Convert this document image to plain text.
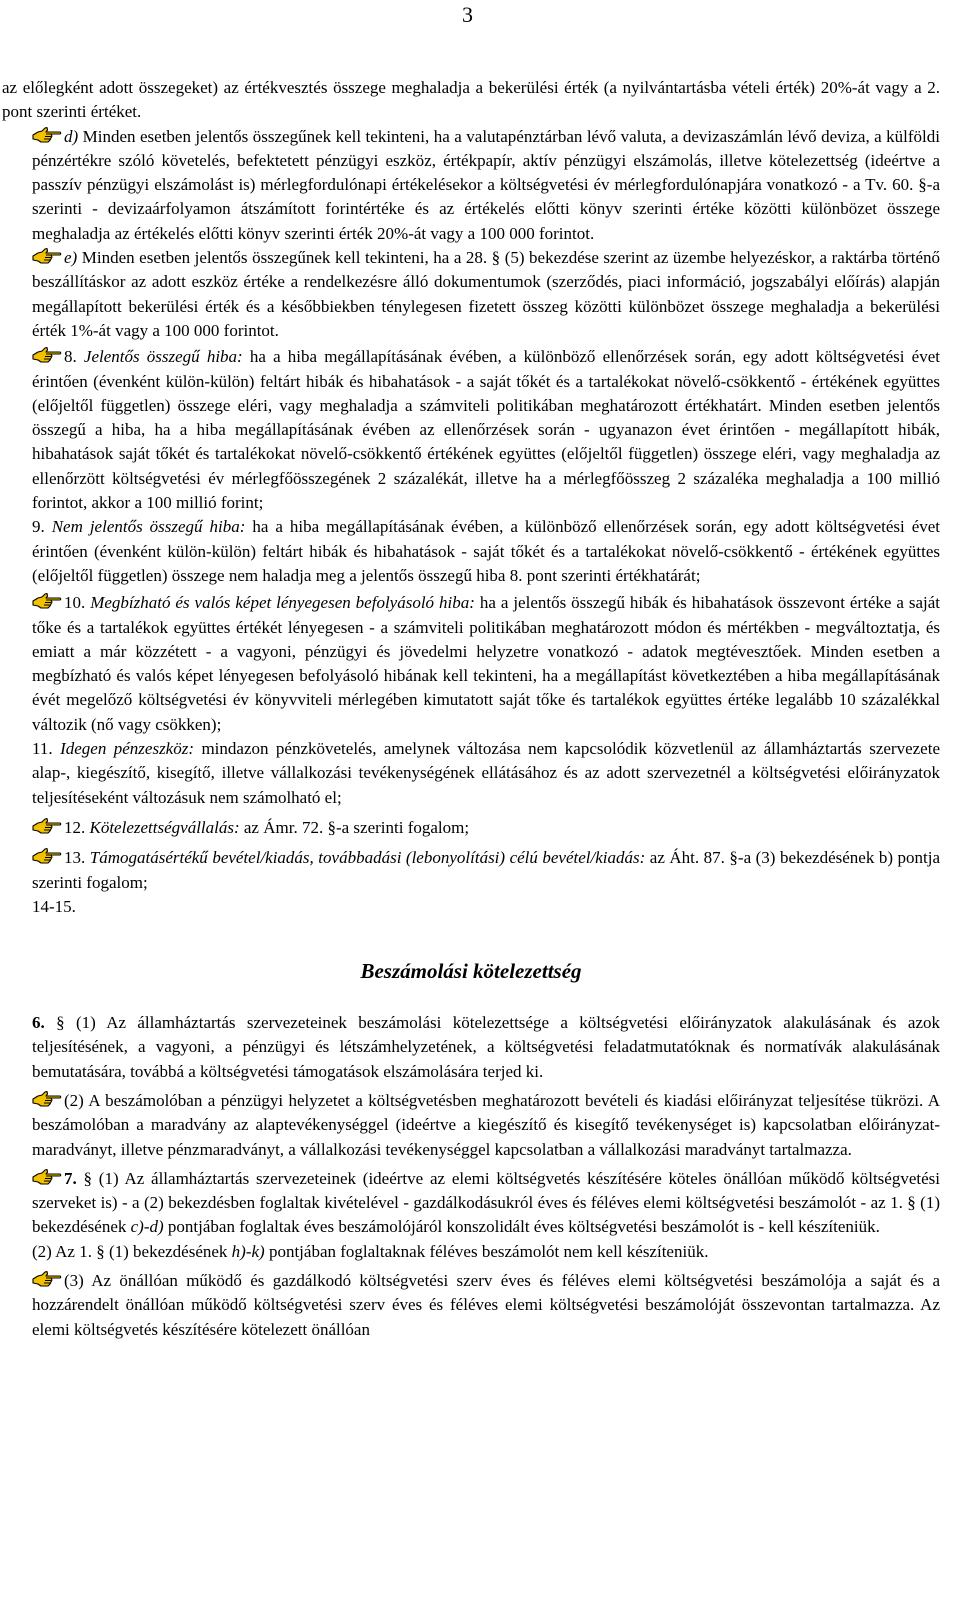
3

az előlegként adott összegeket) az értékvesztés összege meghaladja a bekerülési érték (a nyilvántartásba vételi érték) 20%-át vagy a 2. pont szerinti értéket.

d) Minden esetben jelentős összegűnek kell tekinteni, ha a valutapénztárban lévő valuta, a devizaszámlán lévő deviza, a külföldi pénzértékre szóló követelés, befektetett pénzügyi eszköz, értékpapír, aktív pénzügyi elszámolás, illetve kötelezettség (ideértve a passzív pénzügyi elszámolást is) mérlegfordulónapi értékelésekor a költségvetési év mérlegfordulónapjára vonatkozó - a Tv. 60. §-a szerinti - devizaárfolyamon átszámított forintértéke és az értékelés előtti könyv szerinti értéke közötti különbözet összege meghaladja az értékelés előtti könyv szerinti érték 20%-át vagy a 100 000 forintot.

e) Minden esetben jelentős összegűnek kell tekinteni, ha a 28. § (5) bekezdése szerint az üzembe helyezéskor, a raktárba történő beszállításkor az adott eszköz értéke a rendelkezésre álló dokumentumok (szerződés, piaci információ, jogszabályi előírás) alapján megállapított bekerülési érték és a későbbiekben ténylegesen fizetett összeg közötti különbözet összege meghaladja a bekerülési érték 1%-át vagy a 100 000 forintot.

8. Jelentős összegű hiba: ha a hiba megállapításának évében, a különböző ellenőrzések során, egy adott költségvetési évet érintően (évenként külön-külön) feltárt hibák és hibahatások - a saját tőkét és a tartalékokat növelő-csökkentő - értékének együttes (előjeltől független) összege eléri, vagy meghaladja a számviteli politikában meghatározott értékhatárt. Minden esetben jelentős összegű a hiba, ha a hiba megállapításának évében az ellenőrzések során - ugyanazon évet érintően - megállapított hibák, hibahatások saját tőkét és tartalékokat növelő-csökkentő értékének együttes (előjeltől független) összege eléri, vagy meghaladja az ellenőrzött költségvetési év mérlegfőösszegének 2 százalékát, illetve ha a mérlegfőösszeg 2 százaléka meghaladja a 100 millió forintot, akkor a 100 millió forint;

9. Nem jelentős összegű hiba: ha a hiba megállapításának évében, a különböző ellenőrzések során, egy adott költségvetési évet érintően (évenként külön-külön) feltárt hibák és hibahatások - saját tőkét és a tartalékokat növelő-csökkentő - értékének együttes (előjeltől független) összege nem haladja meg a jelentős összegű hiba 8. pont szerinti értékhatárát;

10. Megbízható és valós képet lényegesen befolyásoló hiba: ha a jelentős összegű hibák és hibahatások összevont értéke a saját tőke és a tartalékok együttes értékét lényegesen - a számviteli politikában meghatározott módon és mértékben - megváltoztatja, és emiatt a már közzétett - a vagyoni, pénzügyi és jövedelmi helyzetre vonatkozó - adatok megtévesztőek. Minden esetben a megbízható és valós képet lényegesen befolyásoló hibának kell tekinteni, ha a megállapítást következtében a hiba megállapításának évét megelőző költségvetési év könyvviteli mérlegében kimutatott saját tőke és tartalékok együttes értéke legalább 10 százalékkal változik (nő vagy csökken);

11. Idegen pénzeszköz: mindazon pénzkövetelés, amelynek változása nem kapcsolódik közvetlenül az államháztartás szervezete alap-, kiegészítő, kisegítő, illetve vállalkozási tevékenységének ellátásához és az adott szervezetnél a költségvetési előirányzatok teljesítéseként változásuk nem számolható el;

12. Kötelezettségvállalás: az Ámr. 72. §-a szerinti fogalom;

13. Támogatásértékű bevétel/kiadás, továbbadási (lebonyolítási) célú bevétel/kiadás: az Áht. 87. §-a (3) bekezdésének b) pontja szerinti fogalom;

14-15.

Beszámolási kötelezettség

6. § (1) Az államháztartás szervezeteinek beszámolási kötelezettsége a költségvetési előirányzatok alakulásának és azok teljesítésének, a vagyoni, a pénzügyi és létszámhelyzetének, a költségvetési feladatmutatóknak és normatívák alakulásának bemutatására, továbbá a költségvetési támogatások elszámolására terjed ki.

(2) A beszámolóban a pénzügyi helyzetet a költségvetésben meghatározott bevételi és kiadási előirányzat teljesítése tükrözi. A beszámolóban a maradvány az alaptevékenységgel (ideértve a kiegészítő és kisegítő tevékenységet is) kapcsolatban előirányzat-maradványt, illetve pénzmaradványt, a vállalkozási tevékenységgel kapcsolatban a vállalkozási maradványt tartalmazza.

7. § (1) Az államháztartás szervezeteinek (ideértve az elemi költségvetés készítésére köteles önállóan működő költségvetési szerveket is) - a (2) bekezdésben foglaltak kivételével - gazdálkodásukról éves és féléves elemi költségvetési beszámolót - az 1. § (1) bekezdésének c)-d) pontjában foglaltak éves beszámolójáról konszolidált éves költségvetési beszámolót is - kell készíteniük.

(2) Az 1. § (1) bekezdésének h)-k) pontjában foglaltaknak féléves beszámolót nem kell készíteniük.

(3) Az önállóan működő és gazdálkodó költségvetési szerv éves és féléves elemi költségvetési beszámolója a saját és a hozzárendelt önállóan működő költségvetési szerv éves és féléves elemi költségvetési beszámolóját összevontan tartalmazza. Az elemi költségvetés készítésére kötelezett önállóan
